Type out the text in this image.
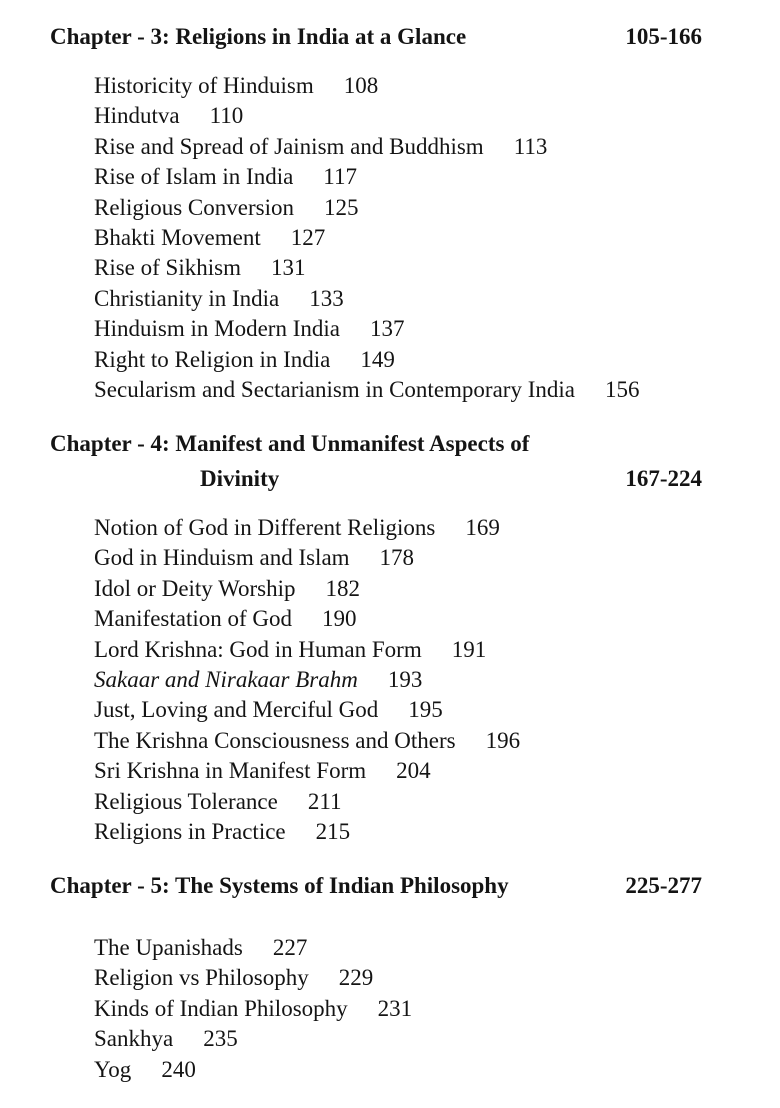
Chapter - 3: Religions in India at a Glance	105-166
Historicity of Hinduism 108
Hindutva 110
Rise and Spread of Jainism and Buddhism 113
Rise of Islam in India 117
Religious Conversion 125
Bhakti Movement 127
Rise of Sikhism 131
Christianity in India 133
Hinduism in Modern India 137
Right to Religion in India 149
Secularism and Sectarianism in Contemporary India 156
Chapter - 4: Manifest and Unmanifest Aspects of
Divinity	167-224
Notion of God in Different Religions 169
God in Hinduism and Islam 178
Idol or Deity Worship 182
Manifestation of God 190
Lord Krishna: God in Human Form 191
Sakaar and Nirakaar Brahm 193
Just, Loving and Merciful God 195
The Krishna Consciousness and Others 196
Sri Krishna in Manifest Form 204
Religious Tolerance 211
Religions in Practice 215
Chapter - 5: The Systems of Indian Philosophy	225-277
The Upanishads 227
Religion vs Philosophy 229
Kinds of Indian Philosophy 231
Sankhya 235
Yog 240
